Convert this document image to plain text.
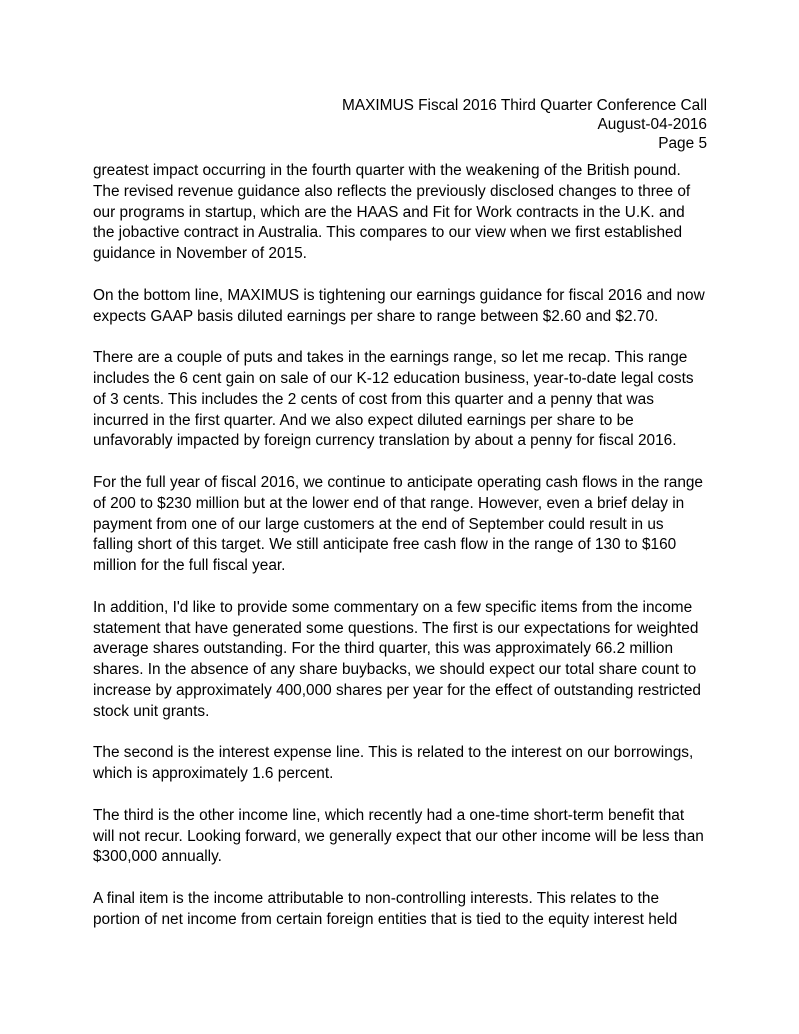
MAXIMUS Fiscal 2016 Third Quarter Conference Call
August-04-2016
Page 5

greatest impact occurring in the fourth quarter with the weakening of the British pound. The revised revenue guidance also reflects the previously disclosed changes to three of our programs in startup, which are the HAAS and Fit for Work contracts in the U.K. and the jobactive contract in Australia. This compares to our view when we first established guidance in November of 2015.

On the bottom line, MAXIMUS is tightening our earnings guidance for fiscal 2016 and now expects GAAP basis diluted earnings per share to range between $2.60 and $2.70.

There are a couple of puts and takes in the earnings range, so let me recap. This range includes the 6 cent gain on sale of our K-12 education business, year-to-date legal costs of 3 cents. This includes the 2 cents of cost from this quarter and a penny that was incurred in the first quarter. And we also expect diluted earnings per share to be unfavorably impacted by foreign currency translation by about a penny for fiscal 2016.

For the full year of fiscal 2016, we continue to anticipate operating cash flows in the range of 200 to $230 million but at the lower end of that range. However, even a brief delay in payment from one of our large customers at the end of September could result in us falling short of this target. We still anticipate free cash flow in the range of 130 to $160 million for the full fiscal year.

In addition, I'd like to provide some commentary on a few specific items from the income statement that have generated some questions. The first is our expectations for weighted average shares outstanding. For the third quarter, this was approximately 66.2 million shares. In the absence of any share buybacks, we should expect our total share count to increase by approximately 400,000 shares per year for the effect of outstanding restricted stock unit grants.

The second is the interest expense line. This is related to the interest on our borrowings, which is approximately 1.6 percent.

The third is the other income line, which recently had a one-time short-term benefit that will not recur. Looking forward, we generally expect that our other income will be less than $300,000 annually.

A final item is the income attributable to non-controlling interests. This relates to the portion of net income from certain foreign entities that is tied to the equity interest held
